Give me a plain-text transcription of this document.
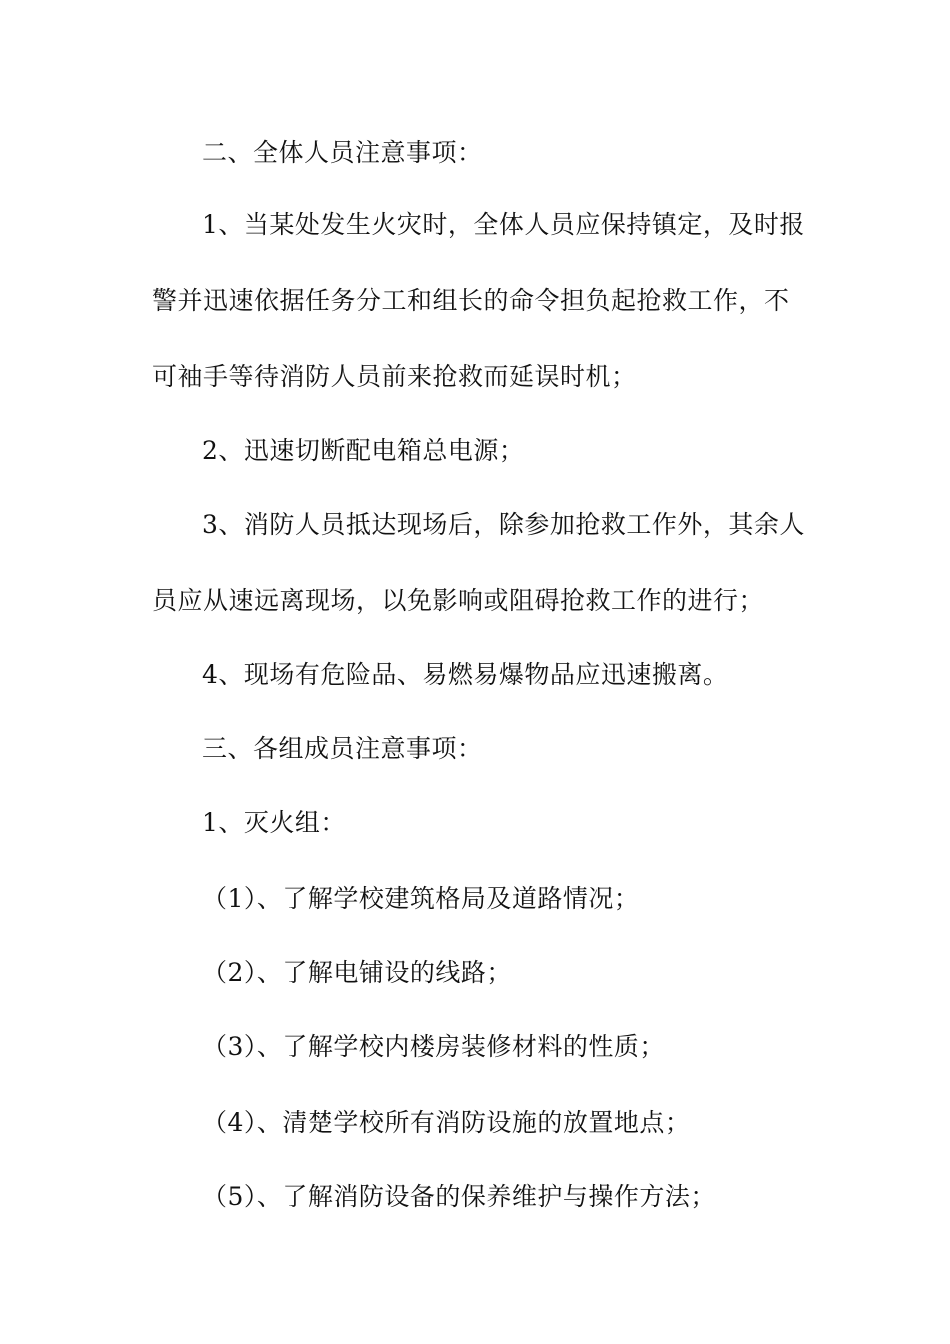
二、全体人员注意事项：
1、当某处发生火灾时，全体人员应保持镇定，及时报
警并迅速依据任务分工和组长的命令担负起抢救工作，不
可袖手等待消防人员前来抢救而延误时机；
2、迅速切断配电箱总电源；
3、消防人员抵达现场后，除参加抢救工作外，其余人
员应从速远离现场，以免影响或阻碍抢救工作的进行；
4、现场有危险品、易燃易爆物品应迅速搬离。
三、各组成员注意事项：
1、灭火组：
（1）、了解学校建筑格局及道路情况；
（2）、了解电铺设的线路；
（3）、了解学校内楼房装修材料的性质；
（4）、清楚学校所有消防设施的放置地点；
（5）、了解消防设备的保养维护与操作方法；
